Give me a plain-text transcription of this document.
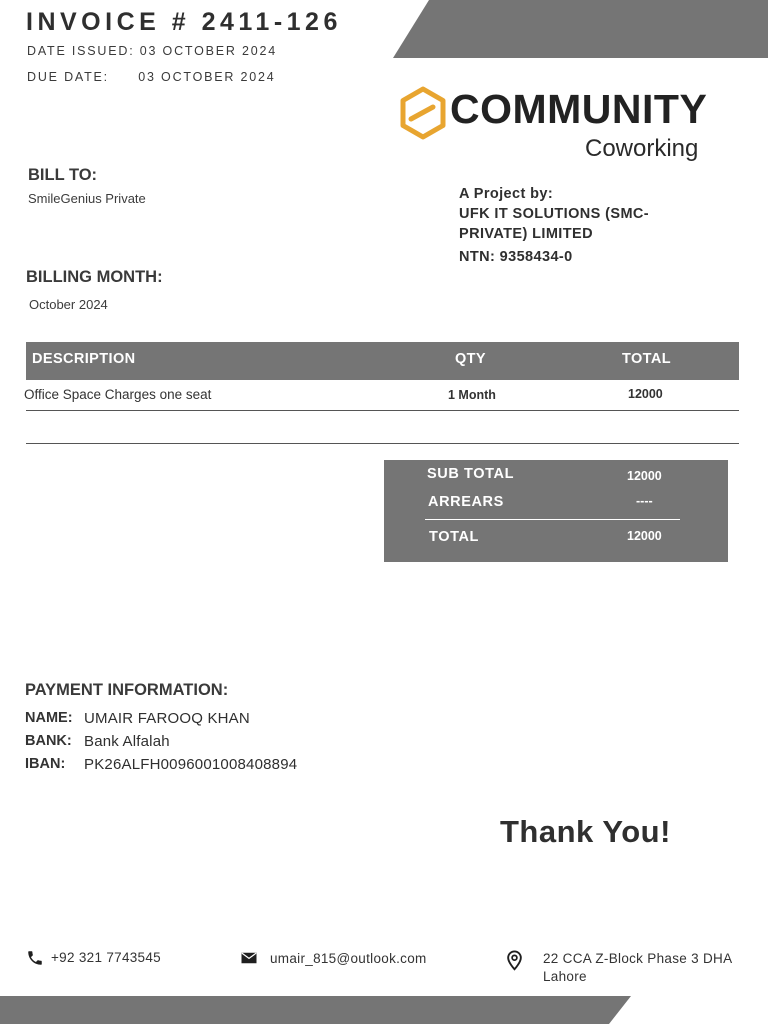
INVOICE # 2411-126
DATE ISSUED: 03 OCTOBER 2024
DUE DATE: 03 OCTOBER 2024
COMMUNITY
Coworking
BILL TO:
SmileGenius Private	A Project by:
UFK IT SOLUTIONS (SMC-
PRIVATE) LIMITED
NTN: 9358434-0
BILLING MONTH:
October 2024
DESCRIPTION	QTY	TOTAL
Office Space Charges one seat	1 Month	12000
SUB TOTAL	12000
ARREARS	----
TOTAL	12000
PAYMENT INFORMATION:
NAME: UMAIR FAROOQ KHAN
BANK: Bank Alfalah
IBAN: PK26ALFH0096001008408894
Thank You!
+92 321 7743545	umair_815@outlook.com	22 CCA Z-Block Phase 3 DHA
Lahore
